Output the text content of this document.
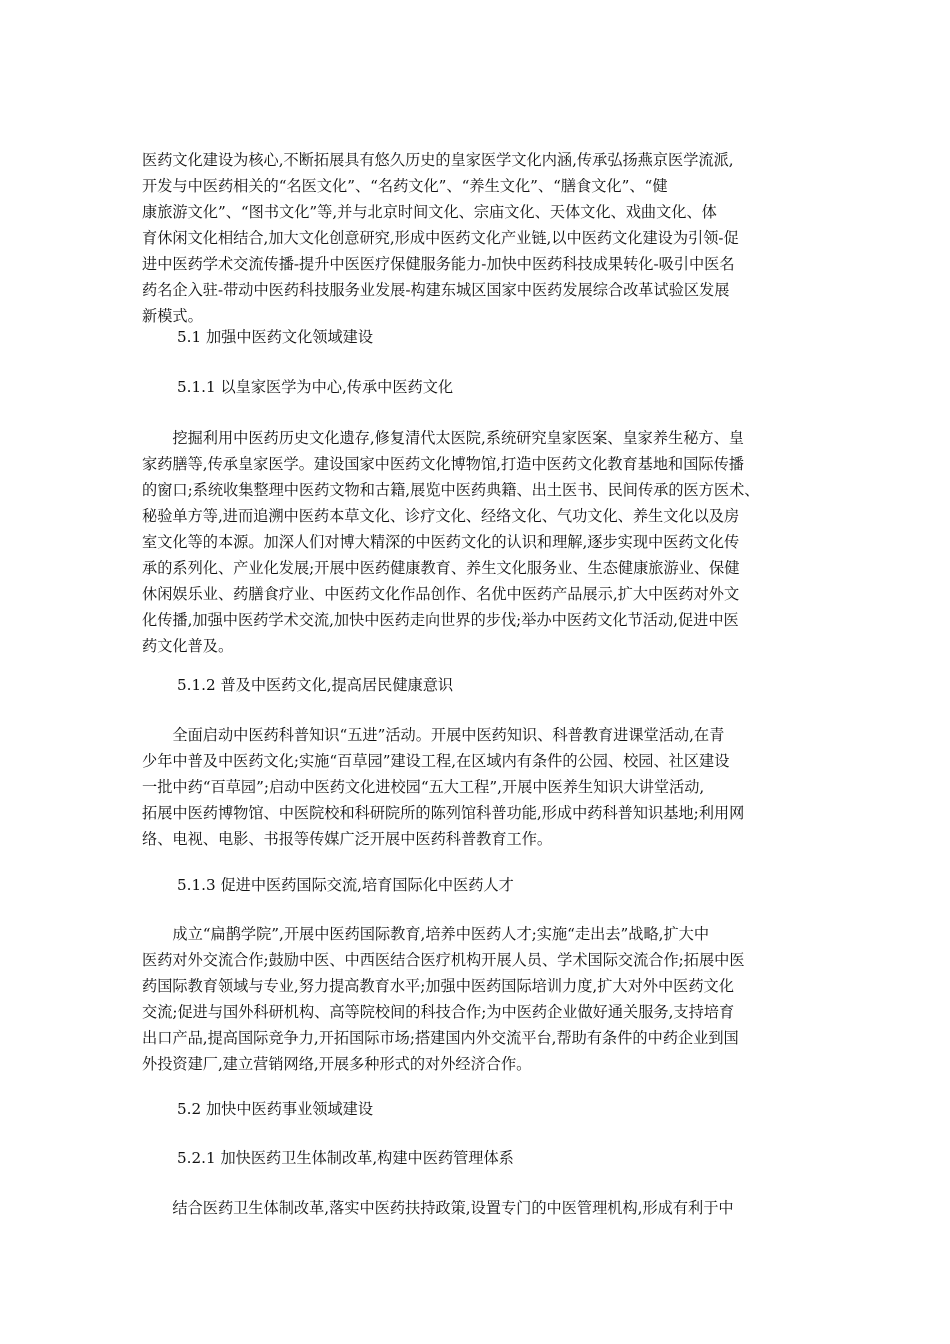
医药文化建设为核心,不断拓展具有悠久历史的皇家医学文化内涵,传承弘扬燕京医学流派,
开发与中医药相关的“名医文化”、“名药文化”、“养生文化”、“膳食文化”、“健
康旅游文化”、“图书文化”等,并与北京时间文化、宗庙文化、天体文化、戏曲文化、体
育休闲文化相结合,加大文化创意研究,形成中医药文化产业链,以中医药文化建设为引领-促
进中医药学术交流传播-提升中医医疗保健服务能力-加快中医药科技成果转化-吸引中医名
药名企入驻-带动中医药科技服务业发展-构建东城区国家中医药发展综合改革试验区发展
新模式。
5.1 加强中医药文化领域建设
5.1.1 以皇家医学为中心,传承中医药文化
　　挖掘利用中医药历史文化遗存,修复清代太医院,系统研究皇家医案、皇家养生秘方、皇
家药膳等,传承皇家医学。建设国家中医药文化博物馆,打造中医药文化教育基地和国际传播
的窗口;系统收集整理中医药文物和古籍,展览中医药典籍、出土医书、民间传承的医方医术、
秘验单方等,进而追溯中医药本草文化、诊疗文化、经络文化、气功文化、养生文化以及房
室文化等的本源。加深人们对博大精深的中医药文化的认识和理解,逐步实现中医药文化传
承的系列化、产业化发展;开展中医药健康教育、养生文化服务业、生态健康旅游业、保健
休闲娱乐业、药膳食疗业、中医药文化作品创作、名优中医药产品展示,扩大中医药对外文
化传播,加强中医药学术交流,加快中医药走向世界的步伐;举办中医药文化节活动,促进中医
药文化普及。
5.1.2 普及中医药文化,提高居民健康意识
　　全面启动中医药科普知识“五进”活动。开展中医药知识、科普教育进课堂活动,在青
少年中普及中医药文化;实施“百草园”建设工程,在区域内有条件的公园、校园、社区建设
一批中药“百草园”;启动中医药文化进校园“五大工程”,开展中医养生知识大讲堂活动,
拓展中医药博物馆、中医院校和科研院所的陈列馆科普功能,形成中药科普知识基地;利用网
络、电视、电影、书报等传媒广泛开展中医药科普教育工作。
5.1.3 促进中医药国际交流,培育国际化中医药人才
　　成立“扁鹊学院”,开展中医药国际教育,培养中医药人才;实施“走出去”战略,扩大中
医药对外交流合作;鼓励中医、中西医结合医疗机构开展人员、学术国际交流合作;拓展中医
药国际教育领域与专业,努力提高教育水平;加强中医药国际培训力度,扩大对外中医药文化
交流;促进与国外科研机构、高等院校间的科技合作;为中医药企业做好通关服务,支持培育
出口产品,提高国际竞争力,开拓国际市场;搭建国内外交流平台,帮助有条件的中药企业到国
外投资建厂,建立营销网络,开展多种形式的对外经济合作。
5.2 加快中医药事业领域建设
5.2.1 加快医药卫生体制改革,构建中医药管理体系
　　结合医药卫生体制改革,落实中医药扶持政策,设置专门的中医管理机构,形成有利于中
